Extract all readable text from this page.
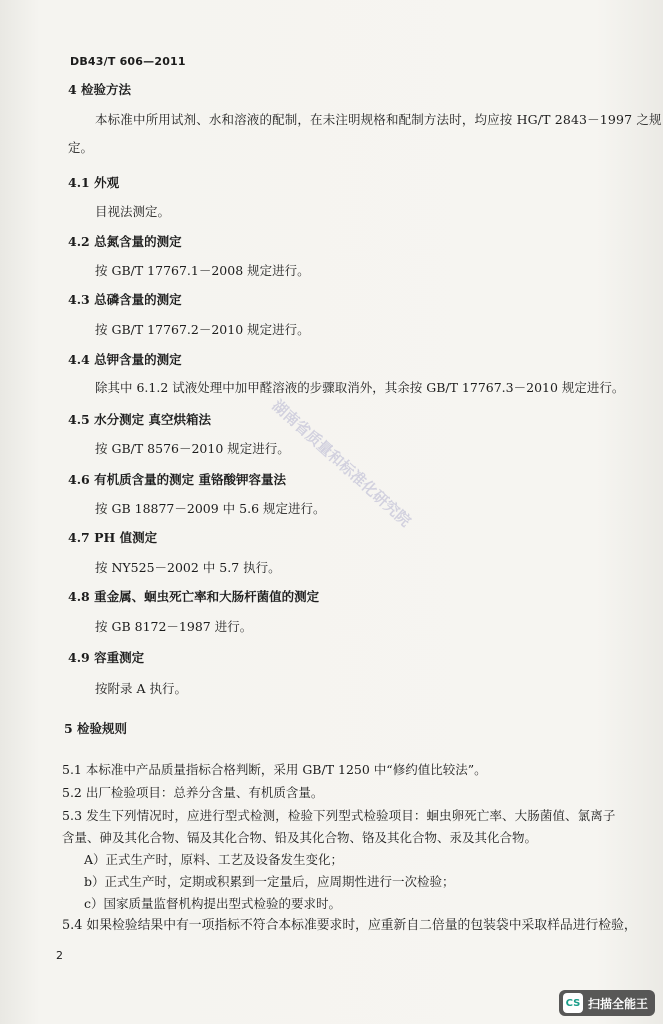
DB43/T 606—2011
4 检验方法
本标准中所用试剂、水和溶液的配制，在未注明规格和配制方法时，均应按 HG/T 2843－1997 之规
定。
4.1 外观
目视法测定。
4.2 总氮含量的测定
按 GB/T 17767.1－2008 规定进行。
4.3 总磷含量的测定
按 GB/T 17767.2－2010 规定进行。
4.4 总钾含量的测定
除其中 6.1.2 试液处理中加甲醛溶液的步骤取消外，其余按 GB/T 17767.3－2010 规定进行。
4.5 水分测定 真空烘箱法
按 GB/T 8576－2010 规定进行。
4.6 有机质含量的测定 重铬酸钾容量法
按 GB 18877－2009 中 5.6 规定进行。
4.7 PH 值测定
按 NY525－2002 中 5.7 执行。
4.8 重金属、蛔虫死亡率和大肠杆菌值的测定
按 GB 8172－1987 进行。
4.9 容重测定
按附录 A 执行。
5 检验规则
5.1 本标准中产品质量指标合格判断，采用 GB/T 1250 中“修约值比较法”。
5.2 出厂检验项目：总养分含量、有机质含量。
5.3 发生下列情况时，应进行型式检测，检验下列型式检验项目：蛔虫卵死亡率、大肠菌值、氯离子
含量、砷及其化合物、镉及其化合物、铅及其化合物、铬及其化合物、汞及其化合物。
A）正式生产时，原料、工艺及设备发生变化；
b）正式生产时，定期或积累到一定量后，应周期性进行一次检验；
c）国家质量监督机构提出型式检验的要求时。
5.4 如果检验结果中有一项指标不符合本标准要求时，应重新自二倍量的包装袋中采取样品进行检验，
2
湖南省质量和标准化研究院
CS 扫描全能王
